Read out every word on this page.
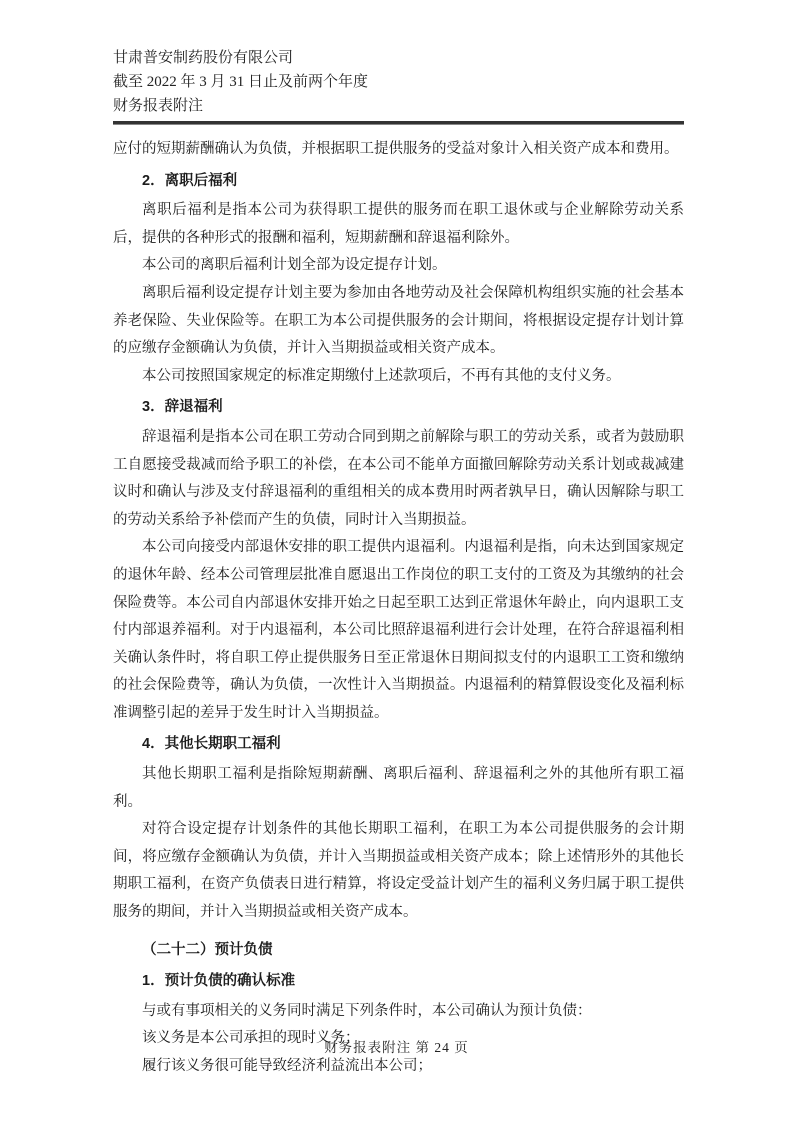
甘肃普安制药股份有限公司
截至 2022 年 3 月 31 日止及前两个年度
财务报表附注

应付的短期薪酬确认为负债，并根据职工提供服务的受益对象计入相关资产成本和费用。

2．离职后福利

离职后福利是指本公司为获得职工提供的服务而在职工退休或与企业解除劳动关系后，提供的各种形式的报酬和福利，短期薪酬和辞退福利除外。

本公司的离职后福利计划全部为设定提存计划。

离职后福利设定提存计划主要为参加由各地劳动及社会保障机构组织实施的社会基本养老保险、失业保险等。在职工为本公司提供服务的会计期间，将根据设定提存计划计算的应缴存金额确认为负债，并计入当期损益或相关资产成本。

本公司按照国家规定的标准定期缴付上述款项后，不再有其他的支付义务。

3．辞退福利

辞退福利是指本公司在职工劳动合同到期之前解除与职工的劳动关系，或者为鼓励职工自愿接受裁减而给予职工的补偿，在本公司不能单方面撤回解除劳动关系计划或裁减建议时和确认与涉及支付辞退福利的重组相关的成本费用时两者孰早日，确认因解除与职工的劳动关系给予补偿而产生的负债，同时计入当期损益。

本公司向接受内部退休安排的职工提供内退福利。内退福利是指，向未达到国家规定的退休年龄、经本公司管理层批准自愿退出工作岗位的职工支付的工资及为其缴纳的社会保险费等。本公司自内部退休安排开始之日起至职工达到正常退休年龄止，向内退职工支付内部退养福利。对于内退福利，本公司比照辞退福利进行会计处理，在符合辞退福利相关确认条件时，将自职工停止提供服务日至正常退休日期间拟支付的内退职工工资和缴纳的社会保险费等，确认为负债，一次性计入当期损益。内退福利的精算假设变化及福利标准调整引起的差异于发生时计入当期损益。

4．其他长期职工福利

其他长期职工福利是指除短期薪酬、离职后福利、辞退福利之外的其他所有职工福利。

对符合设定提存计划条件的其他长期职工福利，在职工为本公司提供服务的会计期间，将应缴存金额确认为负债，并计入当期损益或相关资产成本；除上述情形外的其他长期职工福利，在资产负债表日进行精算，将设定受益计划产生的福利义务归属于职工提供服务的期间，并计入当期损益或相关资产成本。

（二十二）预计负债
1．预计负债的确认标准

与或有事项相关的义务同时满足下列条件时，本公司确认为预计负债：

该义务是本公司承担的现时义务；

履行该义务很可能导致经济利益流出本公司；

财务报表附注 第 24 页
